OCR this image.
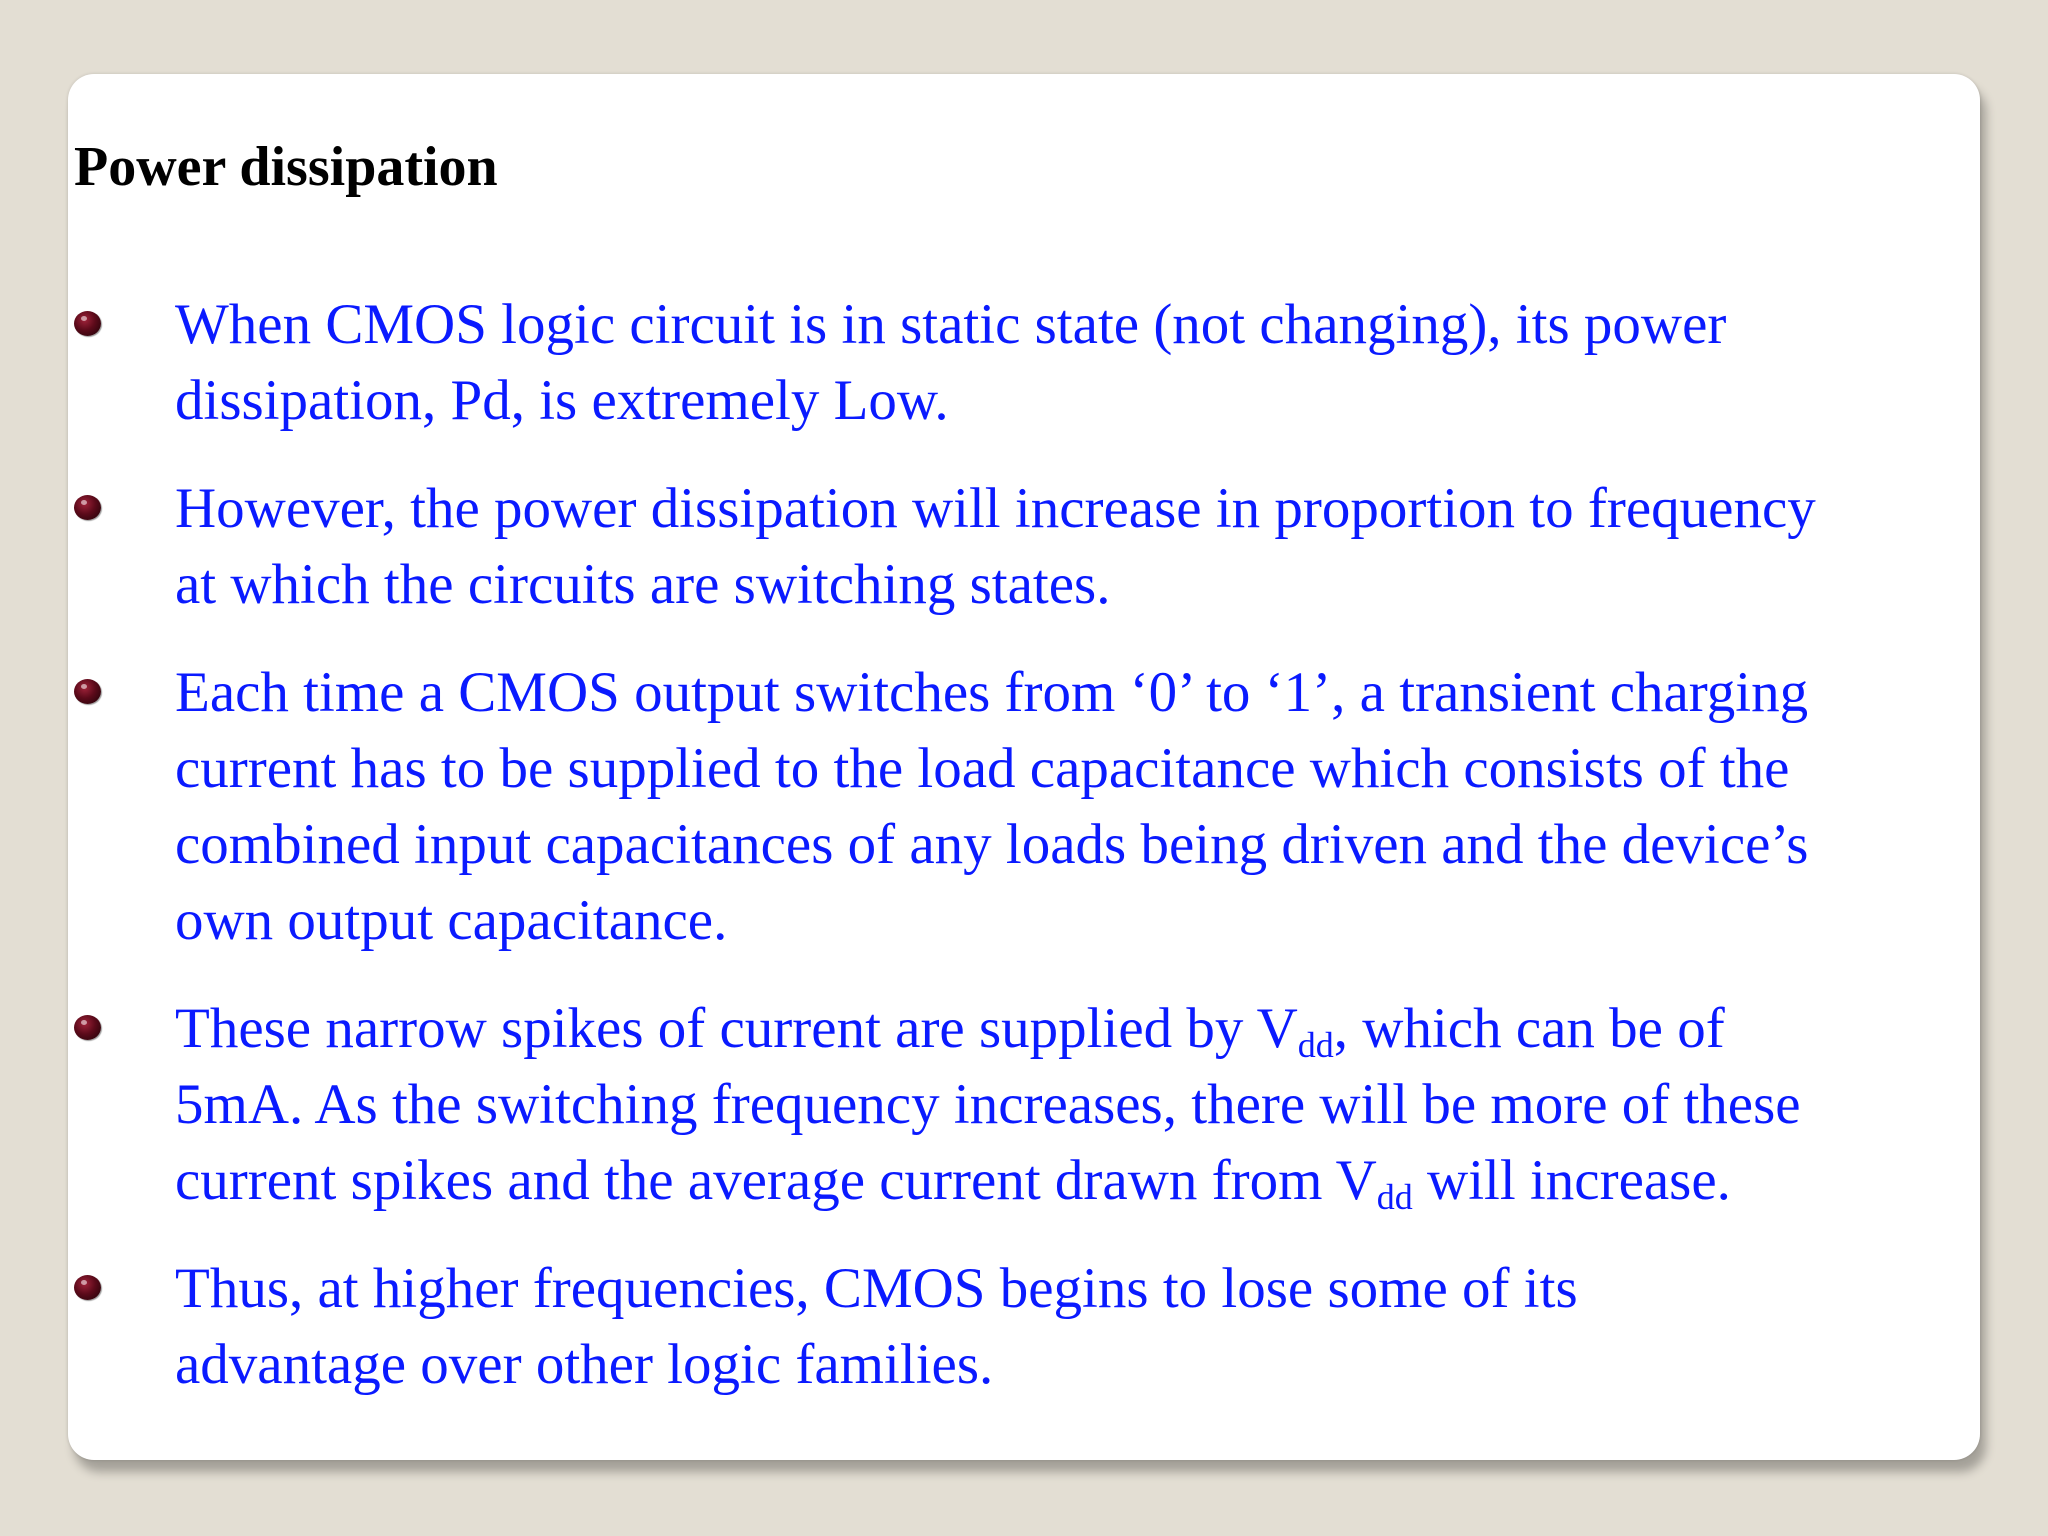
Power dissipation
When CMOS logic circuit is in static state (not changing), its power
dissipation, Pd, is extremely Low.
However, the power dissipation will increase in proportion to frequency
at which the circuits are switching states.
Each time a CMOS output switches from ‘0’ to ‘1’, a transient charging
current has to be supplied to the load capacitance which consists of the
combined input capacitances of any loads being driven and the device’s
own output capacitance.
These narrow spikes of current are supplied by $V_{dd}$, which can be of
5mA. As the switching frequency increases, there will be more of these
current spikes and the average current drawn from $V_{dd}$ will increase.
Thus, at higher frequencies, CMOS begins to lose some of its
advantage over other logic families.
